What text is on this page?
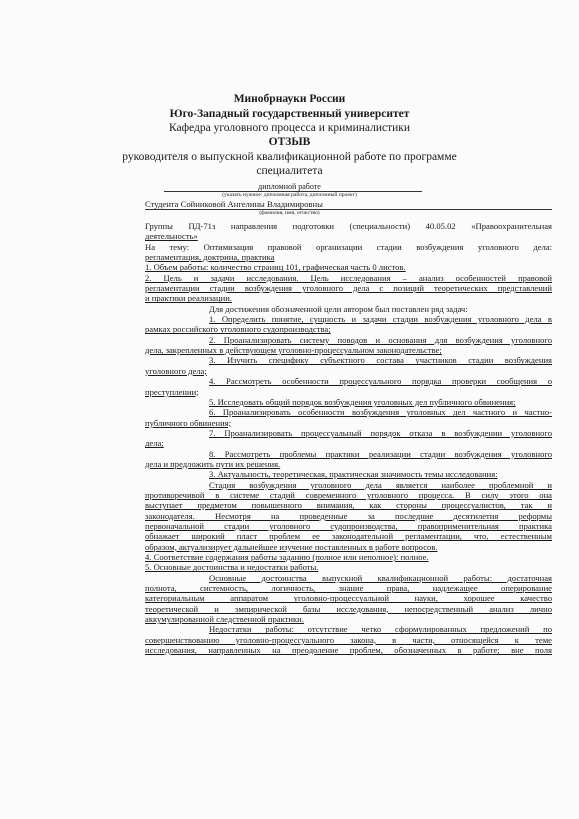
Минобрнауки России
Юго-Западный государственный университет
Кафедра уголовного процесса и криминалистики
ОТЗЫВ
руководителя о выпускной квалификационной работе по программе
специалитета
дипломной работе
(указать нужное: дипломная работа, дипломный проект)
Студента Сойниковой Ангелины Владимировны
(фамилия, имя, отчество)
Группы ПД-71з направления подготовки (специальности) 40.05.02 «Правоохранительная
деятельность»
На тему: Оптимизация правовой организации стадии возбуждения уголовного дела:
регламентация, доктрина, практика
1. Объем работы: количество страниц 101, графическая часть 0 листов.
2. Цель и задачи исследования. Цель исследования – анализ особенностей правовой
регламентации стадии возбуждения уголовного дела с позиций теоретических представлений
и практики реализации.
Для достижения обозначенной цели автором был поставлен ряд задач:
1. Определить понятие, сущность и задачи стадии возбуждения уголовного дела в
рамках российского уголовного судопроизводства;
2. Проанализировать систему поводов и основания для возбуждения уголовного
дела, закрепленных в действующем уголовно-процессуальном законодательстве;
3. Изучить специфику субъектного состава участников стадии возбуждения
уголовного дела;
4. Рассмотреть особенности процессуального порядка проверки сообщения о
преступлении;
5. Исследовать общий порядок возбуждения уголовных дел публичного обвинения;
6. Проанализировать особенности возбуждения уголовных дел частного и частно-
публичного обвинения;
7. Проанализировать процессуальный порядок отказа в возбуждении уголовного
дела;
8. Рассмотреть проблемы практики реализации стадии возбуждения уголовного
дела и предложить пути их решения.
3. Актуальность, теоретическая, практическая значимость темы исследования:
Стадия возбуждения уголовного дела является наиболее проблемной и
противоречивой в системе стадий современного уголовного процесса. В силу этого она
выступает предметом повышенного внимания, как стороны процессуалистов, так и
законодателя. Несмотря на проведенные за последние десятилетия реформы
первоначальной стадии уголовного судопроизводства, правоприменительная практика
обнажает широкий пласт проблем ее законодательной регламентации, что, естественным
образом, актуализирует дальнейшее изучение поставленных в работе вопросов.
4. Соответствие содержания работы заданию (полное или неполное): полное.
5. Основные достоинства и недостатки работы.
Основные достоинства выпускной квалификационной работы: достаточная
полнота, системность, логичность, знание права, надлежащее оперирование
категориальным аппаратом уголовно-процессуальной науки, хорошее качество
теоретической и эмпирической базы исследования, непосредственный анализ лично
аккумулированной следственной практики.
Недостатки работы: отсутствие четко сформулированных предложений по
совершенствованию уголовно-процессуального закона, в части, относящейся к теме
исследования, направленных на преодоление проблем, обозначенных в работе; вне поля
